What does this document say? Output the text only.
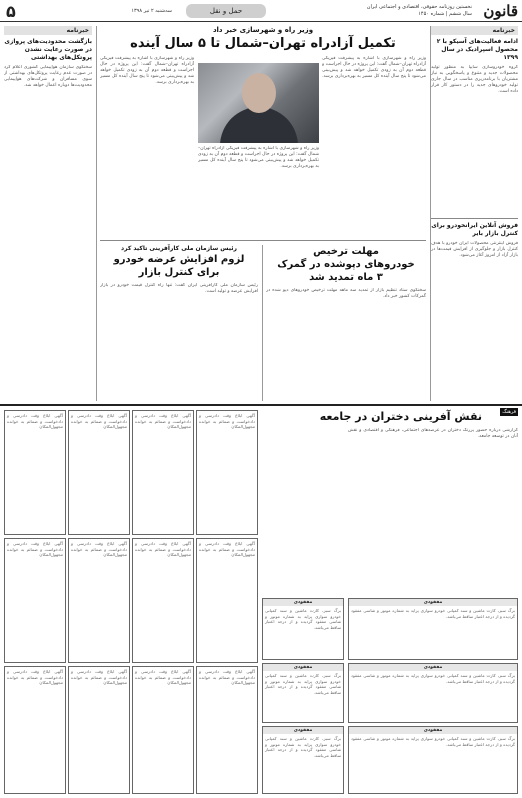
قانون
نخستین روزنامه حقوقی، اقتصادی و اجتماعی ایران
سال ششم | شماره ۱۴۵۰
حمل و نقل
سه‌شنبه ۲ تیر ۱۳۹۸
۵
خبرنامه
ادامه فعالیت‌های آسیکو با ۲ محصول اسپرادیک در سال ۱۳۹۹
گروه خودروسازی سایپا به منظور تولید محصولات جدید و متنوع و پاسخگویی به نیاز مشتریان با برنامه‌ریزی مناسب در سال جاری تولید خودروهای جدید را در دستور کار قرار داده است.
فروش آنلاین ایرانخودرو برای کنترل بازار بایر
فروش اینترنتی محصولات ایران خودرو با هدف کنترل بازار و جلوگیری از افزایش قیمت‌ها در بازار آزاد از امروز آغاز می‌شود.
وزیر راه و شهرسازی خبر داد
تکمیل آزادراه تهران–شمال تا ۵ سال آینده
وزیر راه و شهرسازی با اشاره به پیشرفت فیزیکی آزادراه تهران–شمال گفت: این پروژه در حال اجراست و قطعه دوم آن به زودی تکمیل خواهد شد و پیش‌بینی می‌شود تا پنج سال آینده کل مسیر به بهره‌برداری برسد.
وزیر راه و شهرسازی با اشاره به پیشرفت فیزیکی آزادراه تهران–شمال گفت: این پروژه در حال اجراست و قطعه دوم آن به زودی تکمیل خواهد شد و پیش‌بینی می‌شود تا پنج سال آینده کل مسیر به بهره‌برداری برسد.
وزیر راه و شهرسازی با اشاره به پیشرفت فیزیکی آزادراه تهران–شمال گفت: این پروژه در حال اجراست و قطعه دوم آن به زودی تکمیل خواهد شد و پیش‌بینی می‌شود تا پنج سال آینده کل مسیر به بهره‌برداری برسد.
مهلت ترخیص
خودروهای دپوشده در گمرک
۳ ماه تمدید شد
سخنگوی ستاد تنظیم بازار از تمدید سه ماهه مهلت ترخیص خودروهای دپو شده در گمرکات کشور خبر داد.
رئیس سازمان ملی کارآفرینی تاکید کرد
لزوم افزایش عرضه خودرو
برای کنترل بازار
رئیس سازمان ملی کارآفرینی ایران گفت: تنها راه کنترل قیمت خودرو در بازار افزایش عرضه و تولید است.
خبرنامه
بازگشت محدودیت‌های پروازی در صورت رعایت نشدن پروتکل‌های بهداشتی
سخنگوی سازمان هواپیمایی کشوری اعلام کرد در صورت عدم رعایت پروتکل‌های بهداشتی از سوی مسافران و شرکت‌های هواپیمایی محدودیت‌ها دوباره اعمال خواهد شد.
فرهنگ
نقش آفرینی دختران در جامعه
گزارشی درباره حضور پررنگ دختران در عرصه‌های اجتماعی، فرهنگی و اقتصادی و نقش آنان در توسعه جامعه.
مفقودی
برگ سبز، کارت ماشین و سند کمپانی خودرو سواری پراید به شماره موتور و شاسی مفقود گردیده و از درجه اعتبار ساقط می‌باشد.
مفقودی
برگ سبز، کارت ماشین و سند کمپانی خودرو سواری پراید به شماره موتور و شاسی مفقود گردیده و از درجه اعتبار ساقط می‌باشد.
مفقودی
برگ سبز، کارت ماشین و سند کمپانی خودرو سواری پراید به شماره موتور و شاسی مفقود گردیده و از درجه اعتبار ساقط می‌باشد.
مفقودی
برگ سبز، کارت ماشین و سند کمپانی خودرو سواری پراید به شماره موتور و شاسی مفقود گردیده و از درجه اعتبار ساقط می‌باشد.
مفقودی
برگ سبز، کارت ماشین و سند کمپانی خودرو سواری پراید به شماره موتور و شاسی مفقود گردیده و از درجه اعتبار ساقط می‌باشد.
مفقودی
برگ سبز، کارت ماشین و سند کمپانی خودرو سواری پراید به شماره موتور و شاسی مفقود گردیده و از درجه اعتبار ساقط می‌باشد.
آگهی ابلاغ وقت دادرسی و دادخواست و ضمائم به خوانده مجهول‌المکان
آگهی ابلاغ وقت دادرسی و دادخواست و ضمائم به خوانده مجهول‌المکان
آگهی ابلاغ وقت دادرسی و دادخواست و ضمائم به خوانده مجهول‌المکان
آگهی ابلاغ وقت دادرسی و دادخواست و ضمائم به خوانده مجهول‌المکان
آگهی ابلاغ وقت دادرسی و دادخواست و ضمائم به خوانده مجهول‌المکان
آگهی ابلاغ وقت دادرسی و دادخواست و ضمائم به خوانده مجهول‌المکان
آگهی ابلاغ وقت دادرسی و دادخواست و ضمائم به خوانده مجهول‌المکان
آگهی ابلاغ وقت دادرسی و دادخواست و ضمائم به خوانده مجهول‌المکان
آگهی ابلاغ وقت دادرسی و دادخواست و ضمائم به خوانده مجهول‌المکان
آگهی ابلاغ وقت دادرسی و دادخواست و ضمائم به خوانده مجهول‌المکان
آگهی ابلاغ وقت دادرسی و دادخواست و ضمائم به خوانده مجهول‌المکان
آگهی ابلاغ وقت دادرسی و دادخواست و ضمائم به خوانده مجهول‌المکان
